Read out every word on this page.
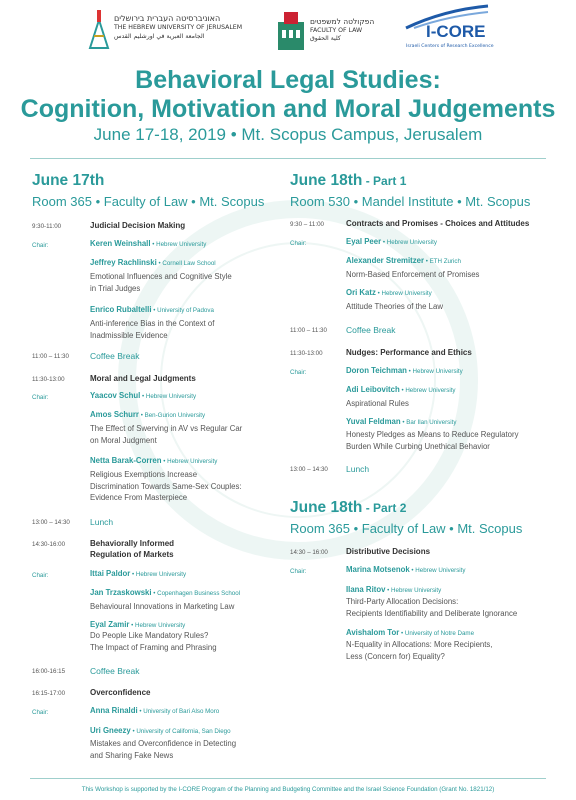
האוניברסיטה העברית בירושלים
THE HEBREW UNIVERSITY OF JERUSALEM
الجامعة العبرية في اورشليم القدس
הפקולטה למשפטים
FACULTY OF LAW
كلية الحقوق	I-CORE
Israeli Centers of Research Excellence
Behavioral Legal Studies:
Cognition, Motivation and Moral Judgements
June 17-18, 2019 • Mt. Scopus Campus, Jerusalem
June 17th
Room 365 • Faculty of Law • Mt. Scopus
9:30-11:00	Judicial Decision Making
Chair:	Keren Weinshall • Hebrew University
Jeffrey Rachlinski • Cornell Law School
Emotional Influences and Cognitive Style
in Trial Judges
Enrico Rubaltelli • University of Padova
Anti-inference Bias in the Context of
Inadmissible Evidence
11:00 – 11:30 Coffee Break
11:30-13:00	Moral and Legal Judgments
Chair:	Yaacov Schul • Hebrew University
Amos Schurr • Ben-Gurion University
The Effect of Swerving in AV vs Regular Car
on Moral Judgment
Netta Barak-Corren • Hebrew University
Religious Exemptions Increase
Discrimination Towards Same-Sex Couples:
Evidence From Masterpiece
13:00 – 14:30 Lunch
14:30-16:00	Behaviorally Informed
Regulation of Markets
Chair:	Ittai Paldor • Hebrew University
Jan Trzaskowski • Copenhagen Business School
Behavioural Innovations in Marketing Law
Eyal Zamir • Hebrew University
Do People Like Mandatory Rules?
The Impact of Framing and Phrasing
16:00-16:15	Coffee Break
16:15-17:00	Overconfidence
Chair:	Anna Rinaldi • University of Bari Also Moro
Uri Gneezy • University of California, San Diego
Mistakes and Overconfidence in Detecting
and Sharing Fake News
June 18th - Part 1
Room 530 • Mandel Institute • Mt. Scopus
9:30 – 11:00	Contracts and Promises - Choices and Attitudes
Chair:	Eyal Peer • Hebrew University
Alexander Stremitzer • ETH Zurich
Norm-Based Enforcement of Promises
Ori Katz • Hebrew University
Attitude Theories of the Law
11:00 – 11:30 Coffee Break
11:30-13:00	Nudges: Performance and Ethics
Chair:	Doron Teichman • Hebrew University
Adi Leibovitch • Hebrew University
Aspirational Rules
Yuval Feldman • Bar Ilan University
Honesty Pledges as Means to Reduce Regulatory
Burden While Curbing Unethical Behavior
13:00 – 14:30 Lunch
June 18th - Part 2
Room 365 • Faculty of Law • Mt. Scopus
14:30 – 16:00 Distributive Decisions
Chair:	Marina Motsenok • Hebrew University
Ilana Ritov • Hebrew University
Third-Party Allocation Decisions:
Recipients Identifiability and Deliberate Ignorance
Avishalom Tor • University of Notre Dame
N-Equality in Allocations: More Recipients,
Less (Concern for) Equality?
This Workshop is supported by the I-CORE Program of the Planning and Budgeting Committee and the Israel Science Foundation (Grant No. 1821/12)
